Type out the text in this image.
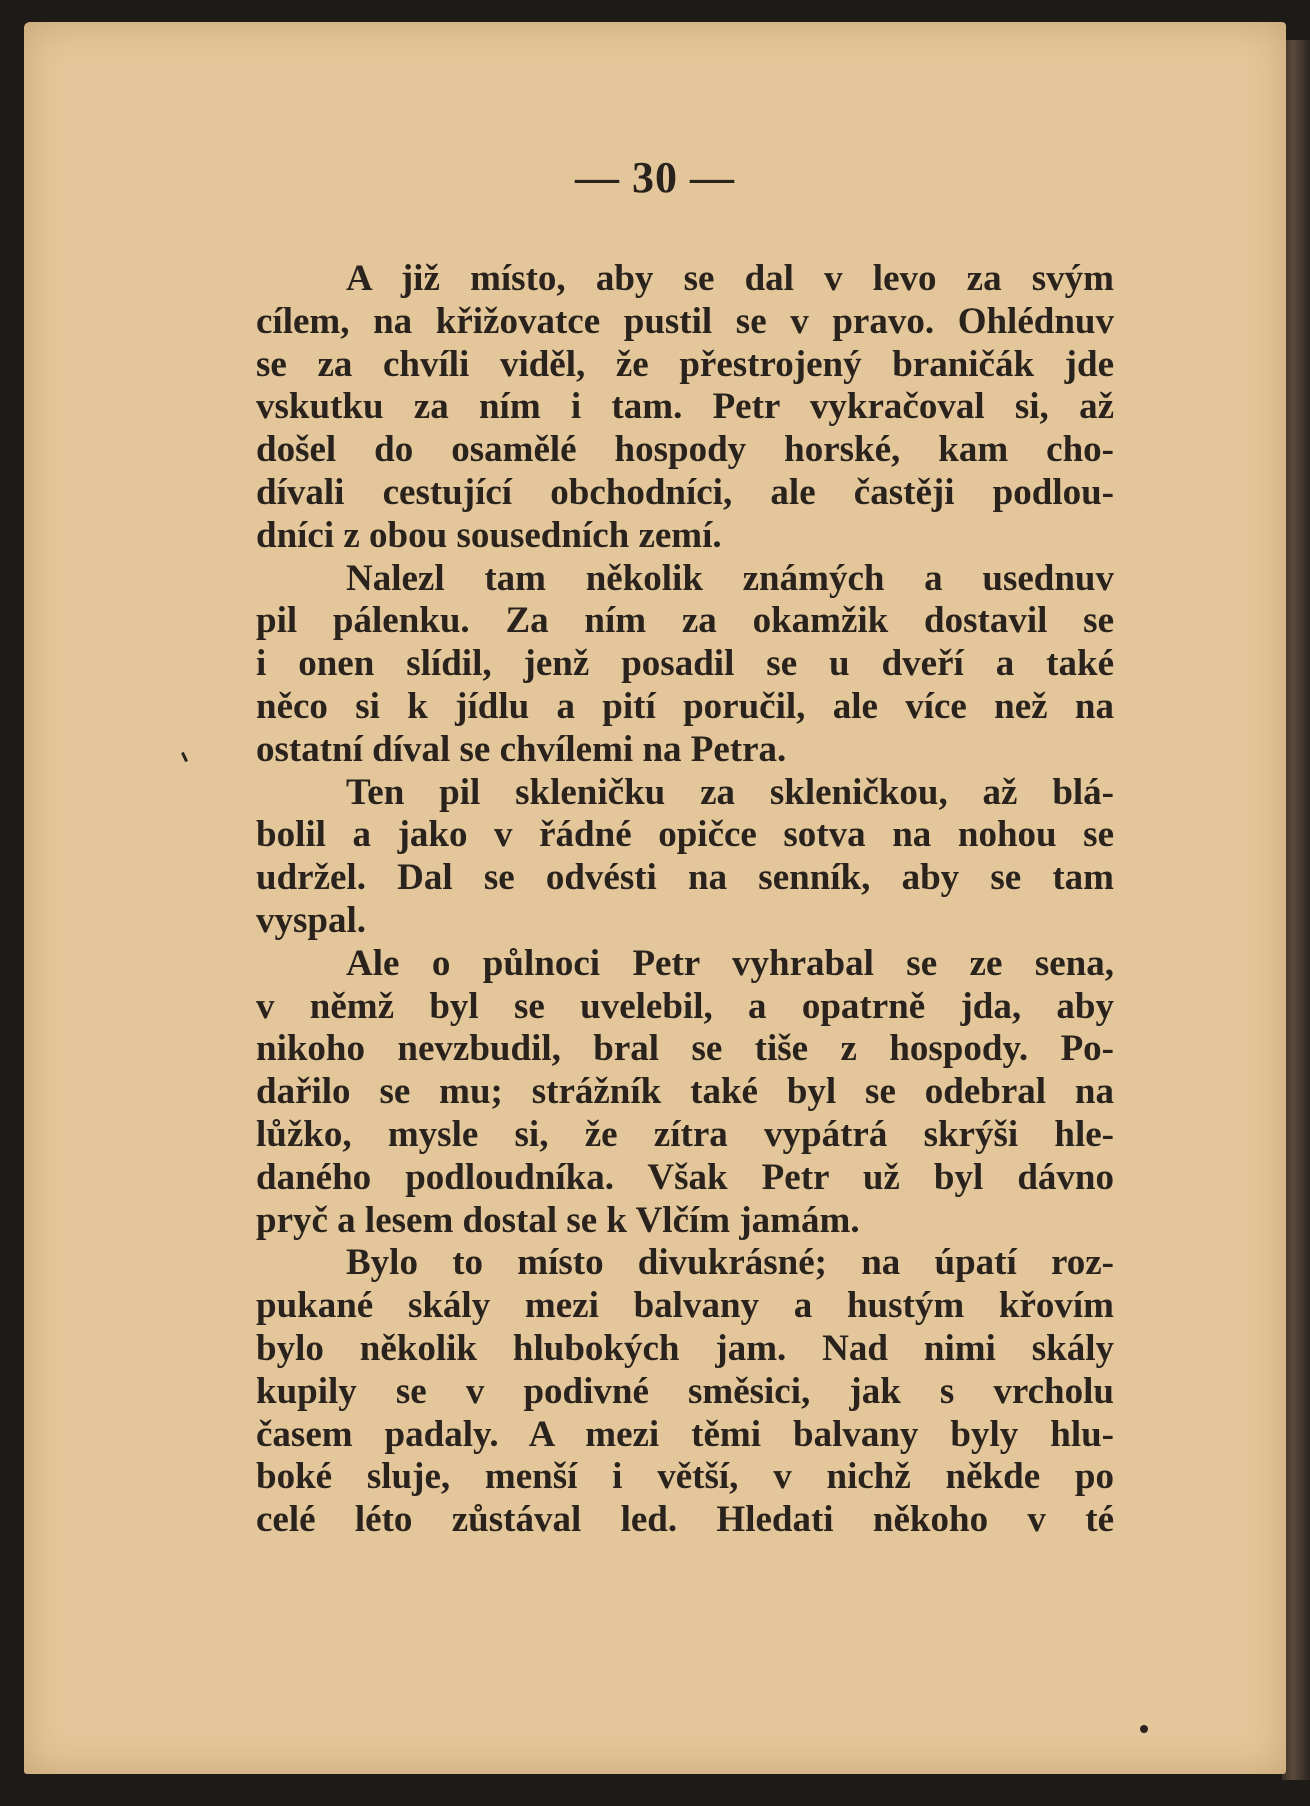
— 30 —
A již místo, aby se dal v levo za svým
cílem, na křižovatce pustil se v pravo. Ohlédnuv
se za chvíli viděl, že přestrojený braničák jde
vskutku za ním i tam. Petr vykračoval si, až
došel do osamělé hospody horské, kam cho-
dívali cestující obchodníci, ale častěji podlou-
dníci z obou sousedních zemí.
Nalezl tam několik známých a usednuv
pil pálenku. Za ním za okamžik dostavil se
i onen slídil, jenž posadil se u dveří a také
něco si k jídlu a pití poručil, ale více než na
ostatní díval se chvílemi na Petra.
Ten pil skleničku za skleničkou, až blá-
bolil a jako v řádné opičce sotva na nohou se
udržel. Dal se odvésti na senník, aby se tam
vyspal.
Ale o půlnoci Petr vyhrabal se ze sena,
v němž byl se uvelebil, a opatrně jda, aby
nikoho nevzbudil, bral se tiše z hospody. Po-
dařilo se mu; strážník také byl se odebral na
lůžko, mysle si, že zítra vypátrá skrýši hle-
daného podloudníka. Však Petr už byl dávno
pryč a lesem dostal se k Vlčím jamám.
Bylo to místo divukrásné; na úpatí roz-
pukané skály mezi balvany a hustým křovím
bylo několik hlubokých jam. Nad nimi skály
kupily se v podivné směsici, jak s vrcholu
časem padaly. A mezi těmi balvany byly hlu-
boké sluje, menší i větší, v nichž někde po
celé léto zůstával led. Hledati někoho v té
